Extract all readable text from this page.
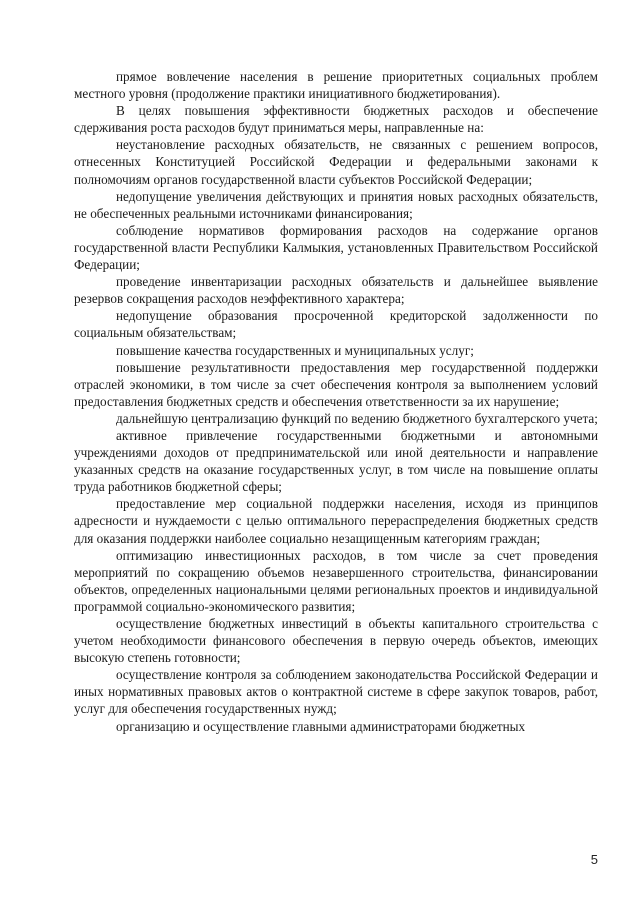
прямое вовлечение населения в решение приоритетных социальных проблем местного уровня (продолжение практики инициативного бюджетирования).

В целях повышения эффективности бюджетных расходов и обеспечение сдерживания роста расходов будут приниматься меры, направленные на:

неустановление расходных обязательств, не связанных с решением вопросов, отнесенных Конституцией Российской Федерации и федеральными законами к полномочиям органов государственной власти субъектов Российской Федерации;

недопущение увеличения действующих и принятия новых расходных обязательств, не обеспеченных реальными источниками финансирования;

соблюдение нормативов формирования расходов на содержание органов государственной власти Республики Калмыкия, установленных Правительством Российской Федерации;

проведение инвентаризации расходных обязательств и дальнейшее выявление резервов сокращения расходов неэффективного характера;

недопущение образования просроченной кредиторской задолженности по социальным обязательствам;

повышение качества государственных и муниципальных услуг;

повышение результативности предоставления мер государственной поддержки отраслей экономики, в том числе за счет обеспечения контроля за выполнением условий предоставления бюджетных средств и обеспечения ответственности за их нарушение;

дальнейшую централизацию функций по ведению бюджетного бухгалтерского учета;

активное привлечение государственными бюджетными и автономными учреждениями доходов от предпринимательской или иной деятельности и направление указанных средств на оказание государственных услуг, в том числе на повышение оплаты труда работников бюджетной сферы;

предоставление мер социальной поддержки населения, исходя из принципов адресности и нуждаемости с целью оптимального перераспределения бюджетных средств для оказания поддержки наиболее социально незащищенным категориям граждан;

оптимизацию инвестиционных расходов, в том числе за счет проведения мероприятий по сокращению объемов незавершенного строительства, финансировании объектов, определенных национальными целями региональных проектов и индивидуальной программой социально-экономического развития;

осуществление бюджетных инвестиций в объекты капитального строительства с учетом необходимости финансового обеспечения в первую очередь объектов, имеющих высокую степень готовности;

осуществление контроля за соблюдением законодательства Российской Федерации и иных нормативных правовых актов о контрактной системе в сфере закупок товаров, работ, услуг для обеспечения государственных нужд;

организацию и осуществление главными администраторами бюджетных

5
